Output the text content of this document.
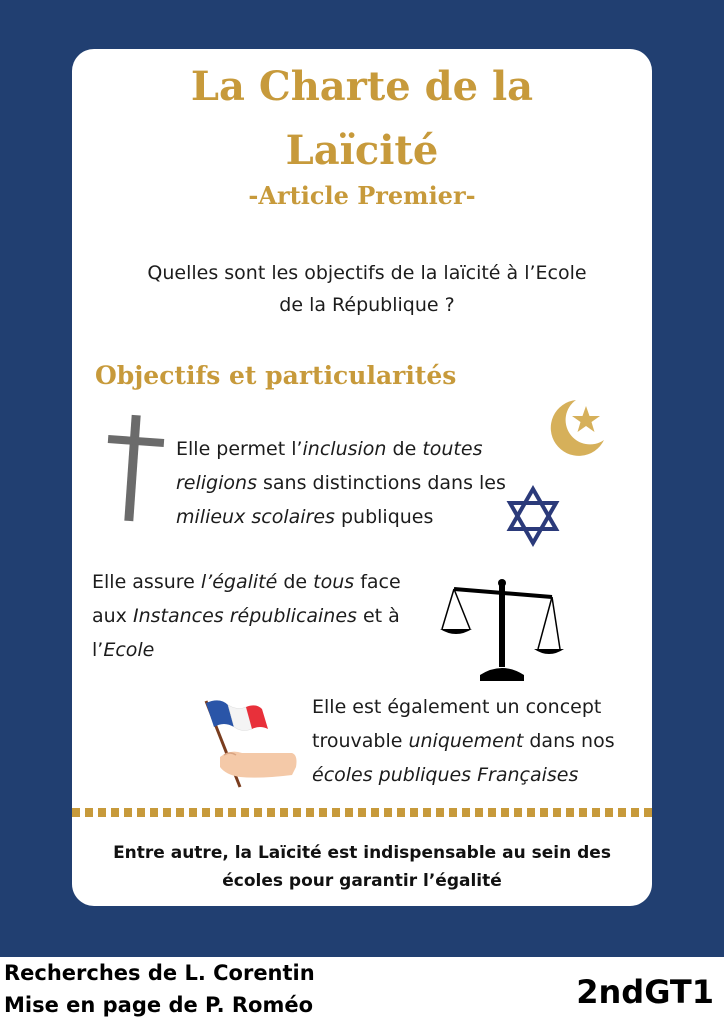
La Charte de la
Laïcité
-Article Premier-
Quelles sont les objectifs de la laïcité à l’Ecole
de la République ?
Objectifs et particularités
Elle permet l’inclusion de toutes
religions sans distinctions dans les
milieux scolaires publiques
Elle assure l’égalité de tous face
aux Instances républicaines et à
l’Ecole
Elle est également un concept
trouvable uniquement dans nos
écoles publiques Françaises
Entre autre, la Laïcité est indispensable au sein des
écoles pour garantir l’égalité
Recherches de L. Corentin
Mise en page de P. Roméo	2ndGT1
